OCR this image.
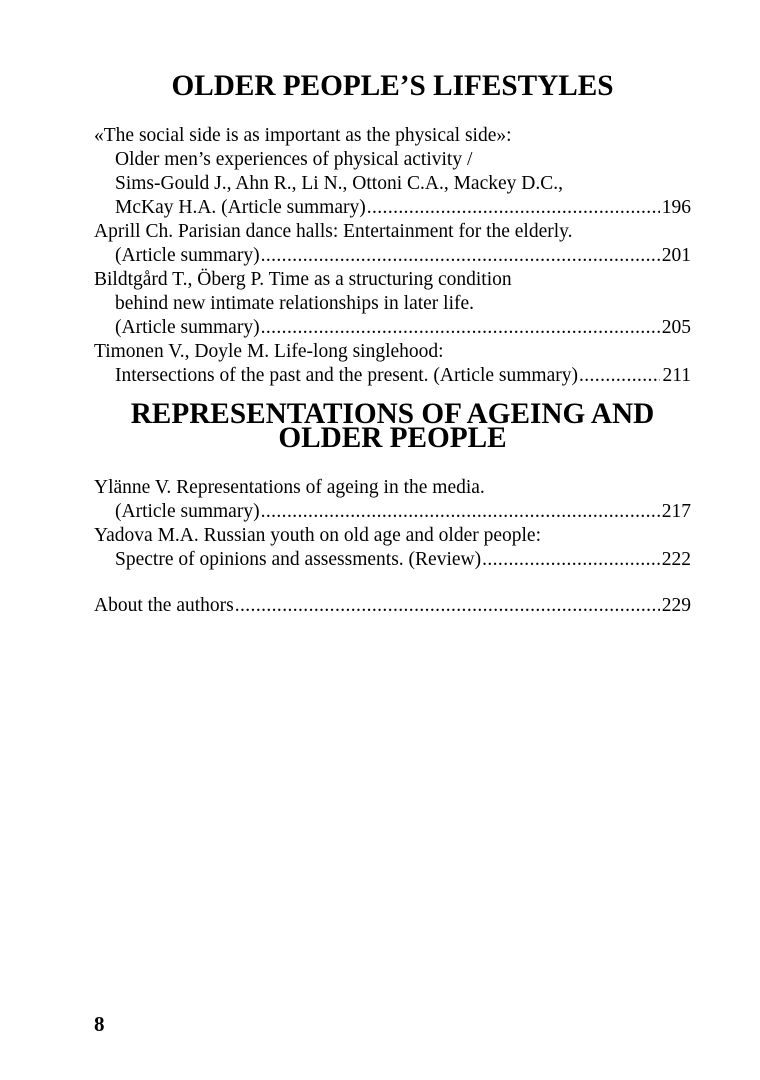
OLDER PEOPLE’S LIFESTYLES
«The social side is as important as the physical side»:
Older men’s experiences of physical activity /
Sims-Gould J., Ahn R., Li N., Ottoni C.A., Mackey D.C.,
McKay H.A. (Article summary) .....	196
Aprill Ch. Parisian dance halls: Entertainment for the elderly.
(Article summary) .....	201
Bildtgård T., Öberg P. Time as a structuring condition
behind new intimate relationships in later life.
(Article summary) .....	205
Timonen V., Doyle M. Life-long singlehood:
Intersections of the past and the present. (Article summary) .....	211
REPRESENTATIONS OF AGEING AND OLDER PEOPLE
Ylänne V. Representations of ageing in the media.
(Article summary) .....	217
Yadova M.A. Russian youth on old age and older people:
Spectre of opinions and assessments. (Review) .....	222
About the authors .....	229
8
